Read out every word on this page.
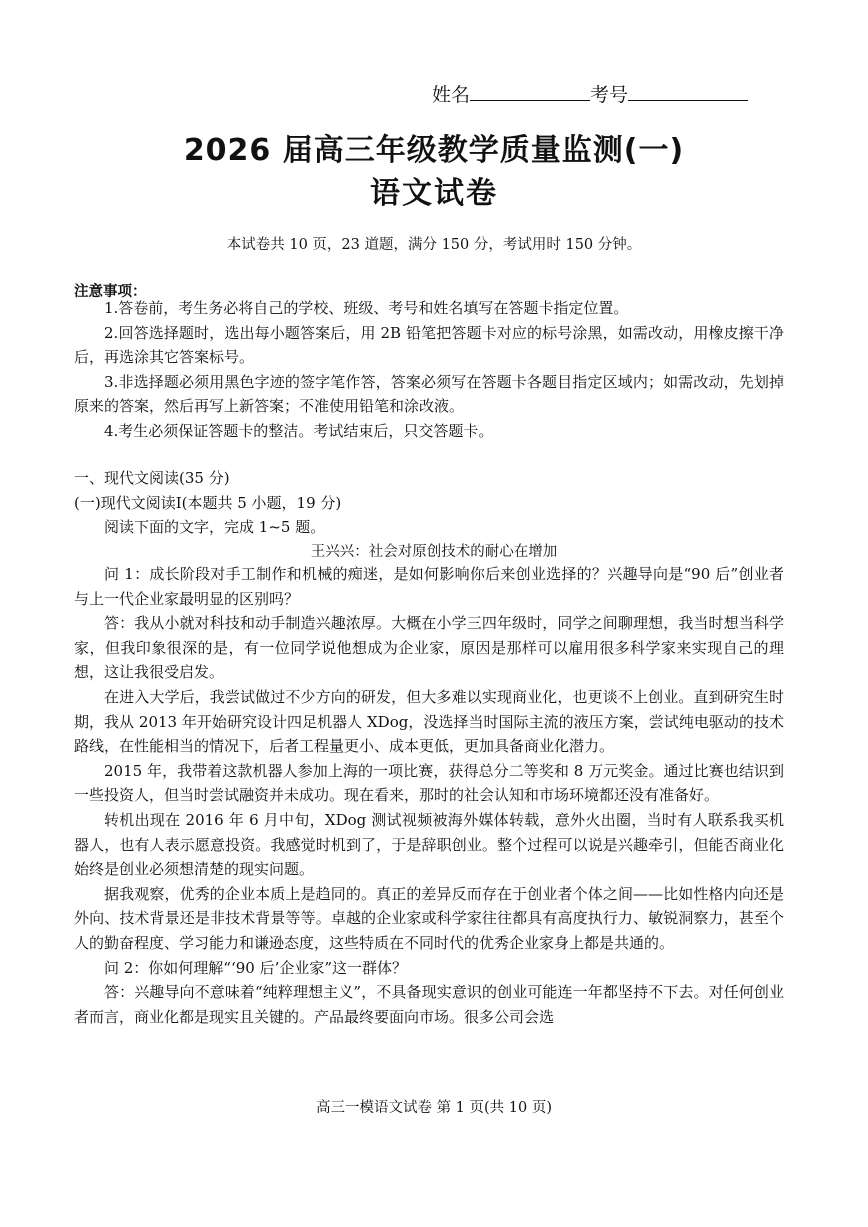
姓名	考号
2026 届高三年级教学质量监测(一)
语文试卷
本试卷共 10 页，23 道题，满分 150 分，考试用时 150 分钟。
注意事项：

1.答卷前，考生务必将自己的学校、班级、考号和姓名填写在答题卡指定位置。

2.回答选择题时，选出每小题答案后，用 2B 铅笔把答题卡对应的标号涂黑，如需改动，用橡皮擦干净后，再选涂其它答案标号。

3.非选择题必须用黑色字迹的签字笔作答，答案必须写在答题卡各题目指定区域内；如需改动，先划掉原来的答案，然后再写上新答案；不准使用铅笔和涂改液。

4.考生必须保证答题卡的整洁。考试结束后，只交答题卡。

一、现代文阅读(35 分)
(一)现代文阅读Ⅰ(本题共 5 小题，19 分)
阅读下面的文字，完成 1~5 题。
王兴兴：社会对原创技术的耐心在增加

问 1：成长阶段对手工制作和机械的痴迷，是如何影响你后来创业选择的？兴趣导向是“90 后”创业者与上一代企业家最明显的区别吗？

答：我从小就对科技和动手制造兴趣浓厚。大概在小学三四年级时，同学之间聊理想，我当时想当科学家，但我印象很深的是，有一位同学说他想成为企业家，原因是那样可以雇用很多科学家来实现自己的理想，这让我很受启发。

在进入大学后，我尝试做过不少方向的研发，但大多难以实现商业化，也更谈不上创业。直到研究生时期，我从 2013 年开始研究设计四足机器人 XDog，没选择当时国际主流的液压方案，尝试纯电驱动的技术路线，在性能相当的情况下，后者工程量更小、成本更低，更加具备商业化潜力。

2015 年，我带着这款机器人参加上海的一项比赛，获得总分二等奖和 8 万元奖金。通过比赛也结识到一些投资人，但当时尝试融资并未成功。现在看来，那时的社会认知和市场环境都还没有准备好。

转机出现在 2016 年 6 月中旬，XDog 测试视频被海外媒体转载，意外火出圈，当时有人联系我买机器人，也有人表示愿意投资。我感觉时机到了，于是辞职创业。整个过程可以说是兴趣牵引，但能否商业化始终是创业必须想清楚的现实问题。

据我观察，优秀的企业本质上是趋同的。真正的差异反而存在于创业者个体之间——比如性格内向还是外向、技术背景还是非技术背景等等。卓越的企业家或科学家往往都具有高度执行力、敏锐洞察力，甚至个人的勤奋程度、学习能力和谦逊态度，这些特质在不同时代的优秀企业家身上都是共通的。

问 2：你如何理解“‘90 后’企业家”这一群体？

答：兴趣导向不意味着“纯粹理想主义”，不具备现实意识的创业可能连一年都坚持不下去。对任何创业者而言，商业化都是现实且关键的。产品最终要面向市场。很多公司会选

高三一模语文试卷 第 1 页(共 10 页)
